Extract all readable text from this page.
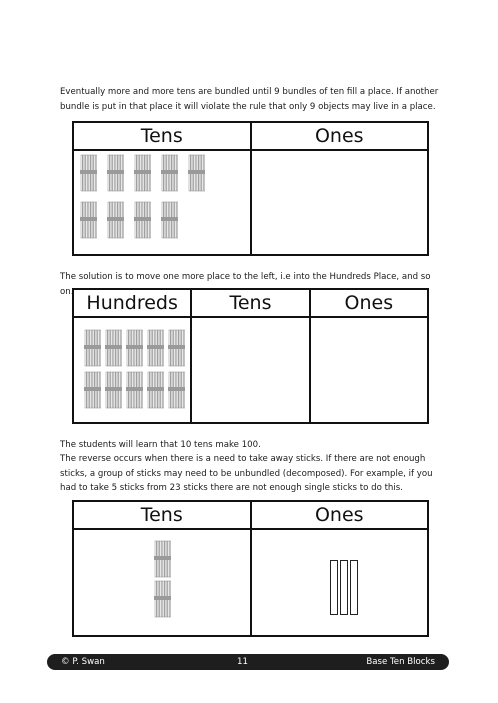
Eventually more and more tens are bundled until 9 bundles of ten fill a place. If another bundle is put in that place it will violate the rule that only 9 objects may live in a place.

Tens	Ones

The solution is to move one more place to the left, i.e into the Hundreds Place, and so on.

Hundreds	Tens	Ones

The students will learn that 10 tens make 100.

The reverse occurs when there is a need to take away sticks. If there are not enough sticks, a group of sticks may need to be unbundled (decomposed). For example, if you had to take 5 sticks from 23 sticks there are not enough single sticks to do this.

Tens	Ones
© P. Swan	11	Base Ten Blocks
